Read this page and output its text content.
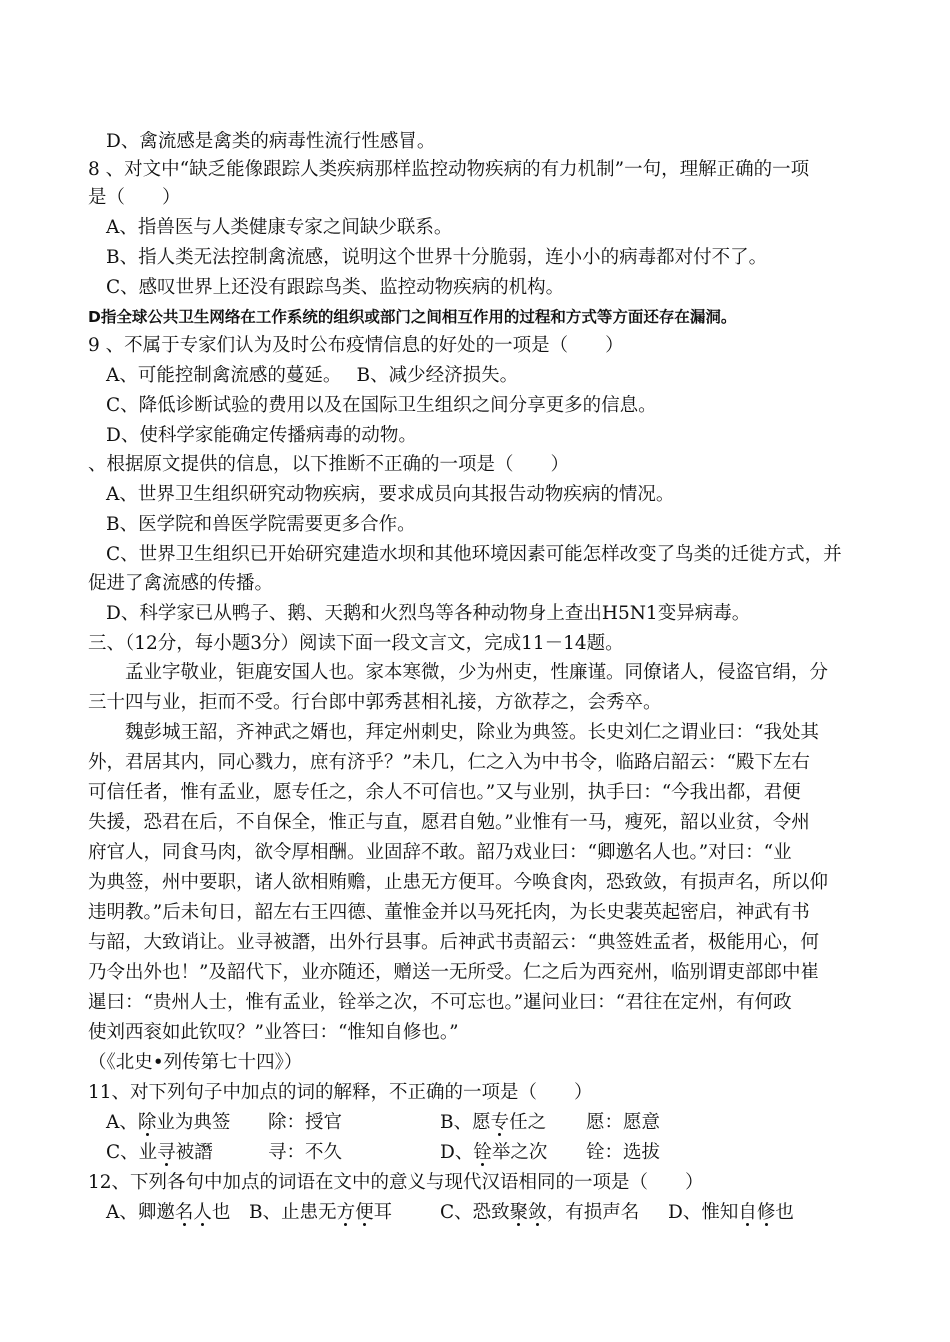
D、禽流感是禽类的病毒性流行性感冒。
8 、对文中“缺乏能像跟踪人类疾病那样监控动物疾病的有力机制”一句，理解正确的一项
是（　　）
A、指兽医与人类健康专家之间缺少联系。
B、指人类无法控制禽流感，说明这个世界十分脆弱，连小小的病毒都对付不了。
C、感叹世界上还没有跟踪鸟类、监控动物疾病的机构。
D指全球公共卫生网络在工作系统的组织或部门之间相互作用的过程和方式等方面还存在漏洞。
9 、不属于专家们认为及时公布疫情信息的好处的一项是（　　）
A、可能控制禽流感的蔓延。　 B、减少经济损失。
C、降低诊断试验的费用以及在国际卫生组织之间分享更多的信息。
D、使科学家能确定传播病毒的动物。
、根据原文提供的信息，以下推断不正确的一项是（　　）
A、世界卫生组织研究动物疾病，要求成员向其报告动物疾病的情况。
B、医学院和兽医学院需要更多合作。
C、世界卫生组织已开始研究建造水坝和其他环境因素可能怎样改变了鸟类的迁徙方式，并
促进了禽流感的传播。
D、科学家已从鸭子、鹅、天鹅和火烈鸟等各种动物身上查出H5N1变异病毒。
三、（12分，每小题3分）阅读下面一段文言文，完成11－14题。
　　孟业字敬业，钜鹿安国人也。家本寒微，少为州吏，性廉谨。同僚诸人，侵盗官绢，分
三十四与业，拒而不受。行台郎中郭秀甚相礼接，方欲荐之，会秀卒。
　　魏彭城王韶，齐神武之婿也，拜定州刺史，除业为典签。长史刘仁之谓业曰：“我处其
外，君居其内，同心戮力，庶有济乎？”未几，仁之入为中书令，临路启韶云：“殿下左右
可信任者，惟有孟业，愿专任之，余人不可信也。”又与业别，执手曰：“今我出都，君便
失援，恐君在后，不自保全，惟正与直，愿君自勉。”业惟有一马，瘦死，韶以业贫，令州
府官人，同食马肉，欲令厚相酬。业固辞不敢。韶乃戏业曰：“卿邀名人也。”对曰：“业
为典签，州中要职，诸人欲相贿赡，止患无方便耳。今唤食肉，恐致敛，有损声名，所以仰
违明教。”后未旬日，韶左右王四德、董惟金并以马死托肉，为长史裴英起密启，神武有书
与韶，大致诮让。业寻被譖，出外行县事。后神武书责韶云：“典签姓孟者，极能用心，何
乃令出外也！”及韶代下，业亦随还，赠送一无所受。仁之后为西兖州，临别谓吏部郎中崔
暹曰：“贵州人士，惟有孟业，铨举之次，不可忘也。”暹问业曰：“君往在定州，有何政
使刘西衮如此钦叹？”业答曰：“惟知自修也。”
（《北史•列传第七十四》）
11、对下列句子中加点的词的解释，不正确的一项是（　　）
A、除业为典签 除：授官	B、愿专任之 愿：愿意
C、业寻被譖	寻：不久	D、铨举之次 铨：选拔
12、下列各句中加点的词语在文中的意义与现代汉语相同的一项是（　　）
A、卿邀名人也 B、止患无方便耳	C、恐致聚敛，有损声名 D、惟知自修也
